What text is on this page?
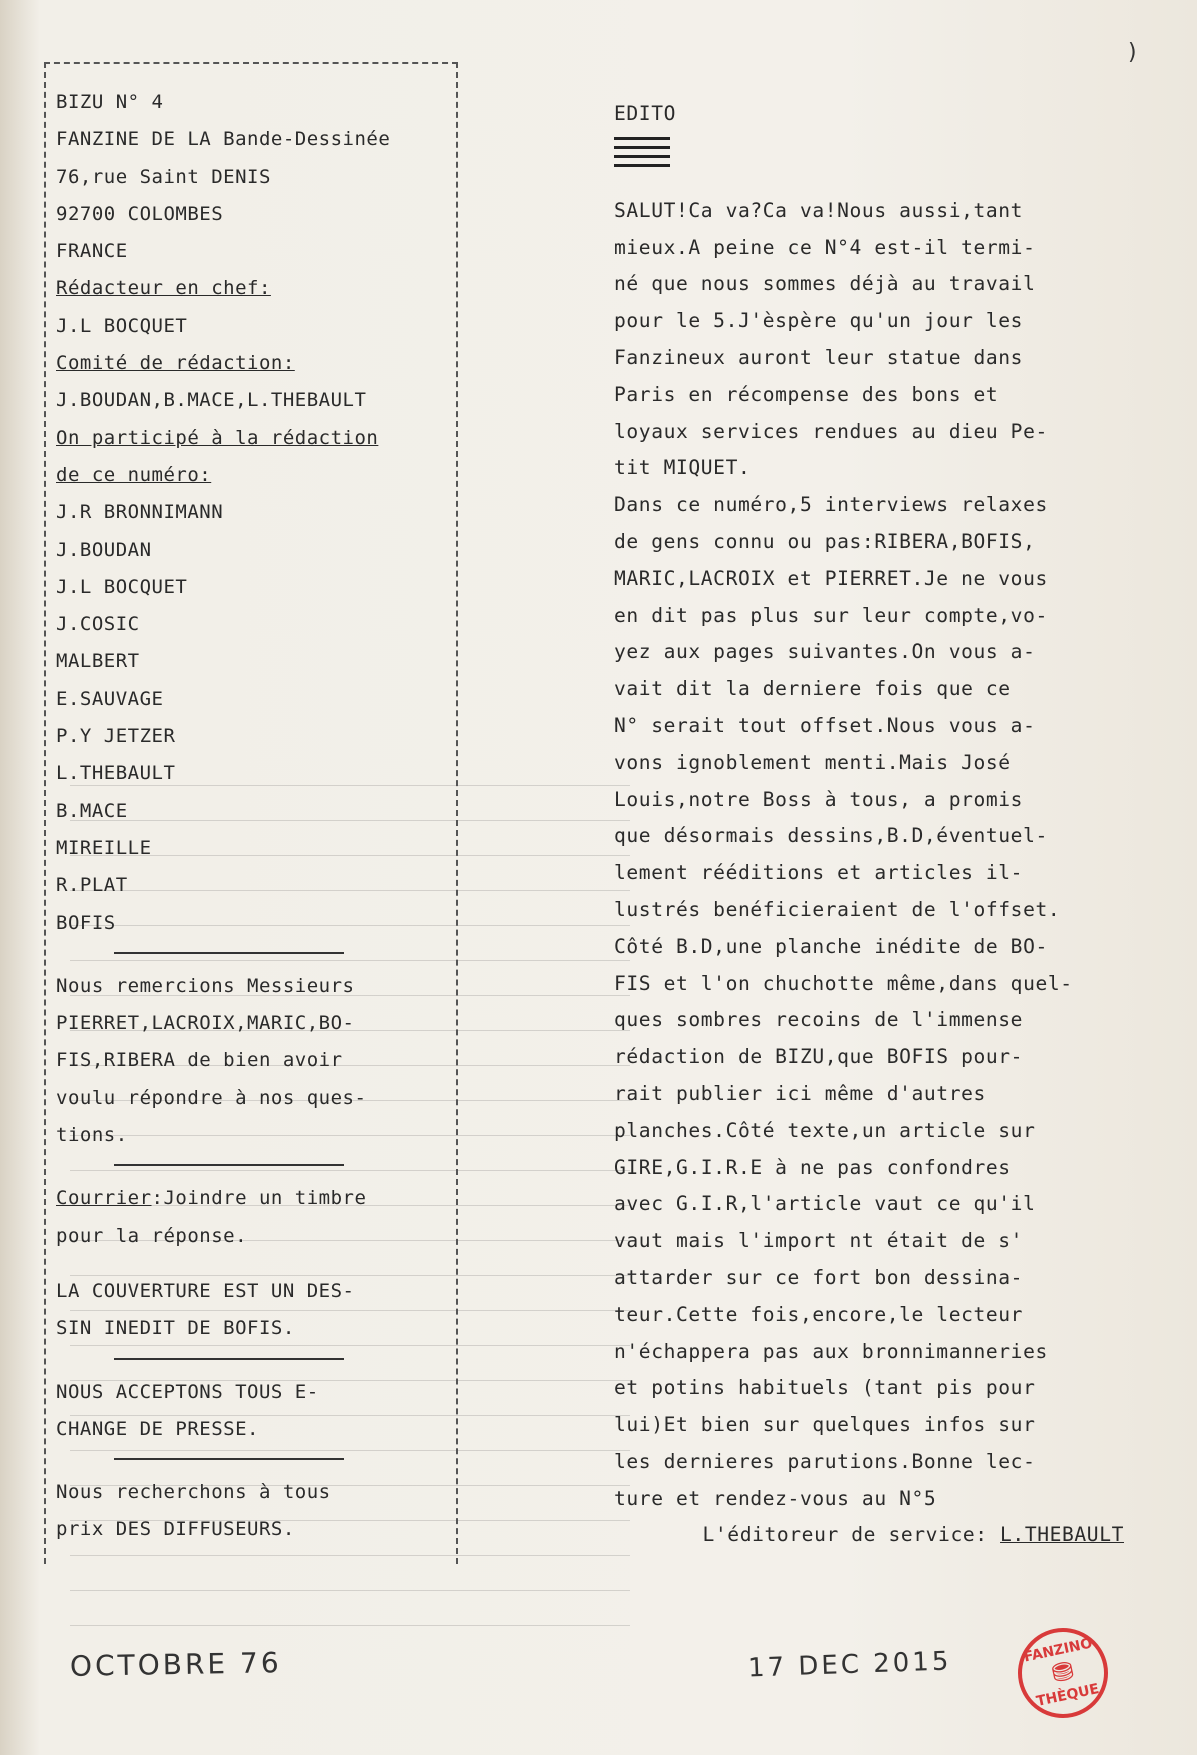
)
BIZU N° 4
FANZINE DE LA Bande-Dessinée
76,rue Saint DENIS
92700 COLOMBES
FRANCE
Rédacteur en chef:
J.L BOCQUET
Comité de rédaction:
J.BOUDAN,B.MACE,L.THEBAULT
On participé à la rédaction
de ce numéro:
J.R BRONNIMANN
J.BOUDAN
J.L BOCQUET
J.COSIC
MALBERT
E.SAUVAGE
P.Y JETZER
L.THEBAULT
B.MACE
MIREILLE
R.PLAT
BOFIS
Nous remercions Messieurs
PIERRET,LACROIX,MARIC,BO-
FIS,RIBERA de bien avoir
voulu répondre à nos ques-
tions.
Courrier:Joindre un timbre
pour la réponse.
LA COUVERTURE EST UN DES-
SIN INEDIT DE BOFIS.
NOUS ACCEPTONS TOUS E-
CHANGE DE PRESSE.
Nous recherchons à tous
prix DES DIFFUSEURS.
EDITO
SALUT!Ca va?Ca va!Nous aussi,tant
mieux.A peine ce N°4 est-il termi-
né que nous sommes déjà au travail
pour le 5.J'èspère qu'un jour les
Fanzineux auront leur statue dans
Paris en récompense des bons et
loyaux services rendues au dieu Pe-
tit MIQUET.
Dans ce numéro,5 interviews relaxes
de gens connu ou pas:RIBERA,BOFIS,
MARIC,LACROIX et PIERRET.Je ne vous
en dit pas plus sur leur compte,vo-
yez aux pages suivantes.On vous a-
vait dit la derniere fois que ce
N° serait tout offset.Nous vous a-
vons ignoblement menti.Mais José
Louis,notre Boss à tous, a promis
que désormais dessins,B.D,éventuel-
lement rééditions et articles il-
lustrés benéficieraient de l'offset.
Côté B.D,une planche inédite de BO-
FIS et l'on chuchotte même,dans quel-
ques sombres recoins de l'immense
rédaction de BIZU,que BOFIS pour-
rait publier ici même d'autres
planches.Côté texte,un article sur
GIRE,G.I.R.E à ne pas confondres
avec G.I.R,l'article vaut ce qu'il
vaut mais l'import nt était de s'
attarder sur ce fort bon dessina-
teur.Cette fois,encore,le lecteur
n'échappera pas aux bronnimanneries
et potins habituels (tant pis pour
lui)Et bien sur quelques infos sur
les dernieres parutions.Bonne lec-
ture et rendez-vous au N°5
L'éditoreur de service: L.THEBAULT
OCTOBRE 76	17 DEC 2015	FANZINO
⛃
THÈQUE
